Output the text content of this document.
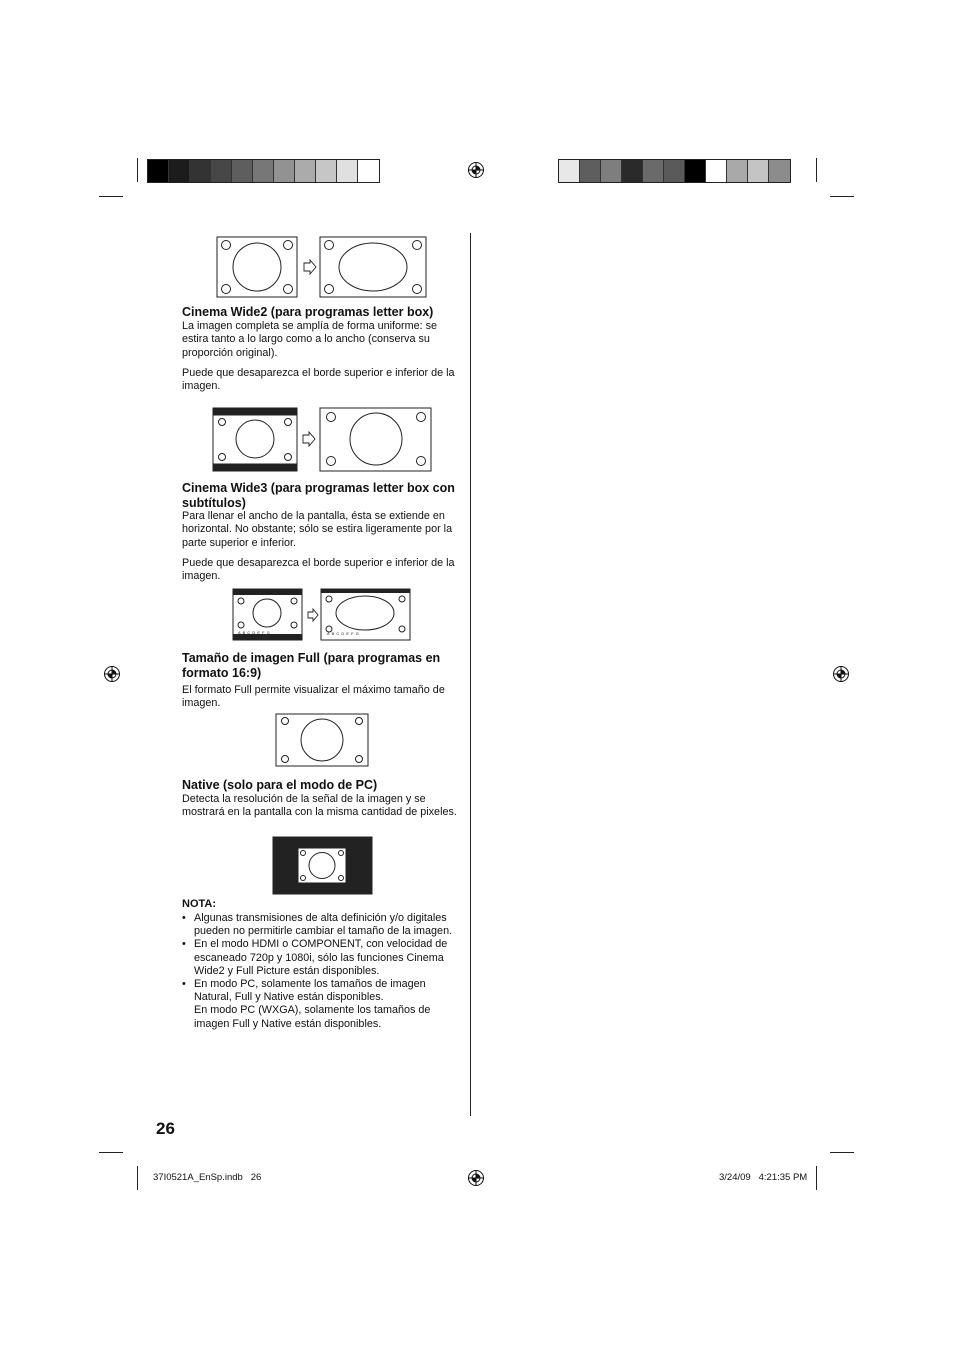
Cinema Wide2 (para programas letter box)

La imagen completa se amplía de forma uniforme: se estira tanto a lo largo como a lo ancho (conserva su proporción original).

Puede que desaparezca el borde superior e inferior de la imagen.

Cinema Wide3 (para programas letter box con subtítulos)

Para llenar el ancho de la pantalla, ésta se extiende en horizontal. No obstante; sólo se estira ligeramente por la parte superior e inferior.

Puede que desaparezca el borde superior e inferior de la imagen.

A B C D E F G	A B C D E F G
Tamaño de imagen Full (para programas en formato 16:9)

El formato Full permite visualizar el máximo tamaño de imagen.

Native (solo para el modo de PC)

Detecta la resolución de la señal de la imagen y se mostrará en la pantalla con la misma cantidad de pixeles.

NOTA:
• Algunas transmisiones de alta definición y/o digitales pueden no permitirle cambiar el tamaño de la imagen.
• En el modo HDMI o COMPONENT, con velocidad de escaneado 720p y 1080i, sólo las funciones Cinema Wide2 y Full Picture están disponibles.
• En modo PC, solamente los tamaños de imagen Natural, Full y Native están disponibles.
En modo PC (WXGA), solamente los tamaños de imagen Full y Native están disponibles.
26
37I0521A_EnSp.indb   26	3/24/09   4:21:35 PM
